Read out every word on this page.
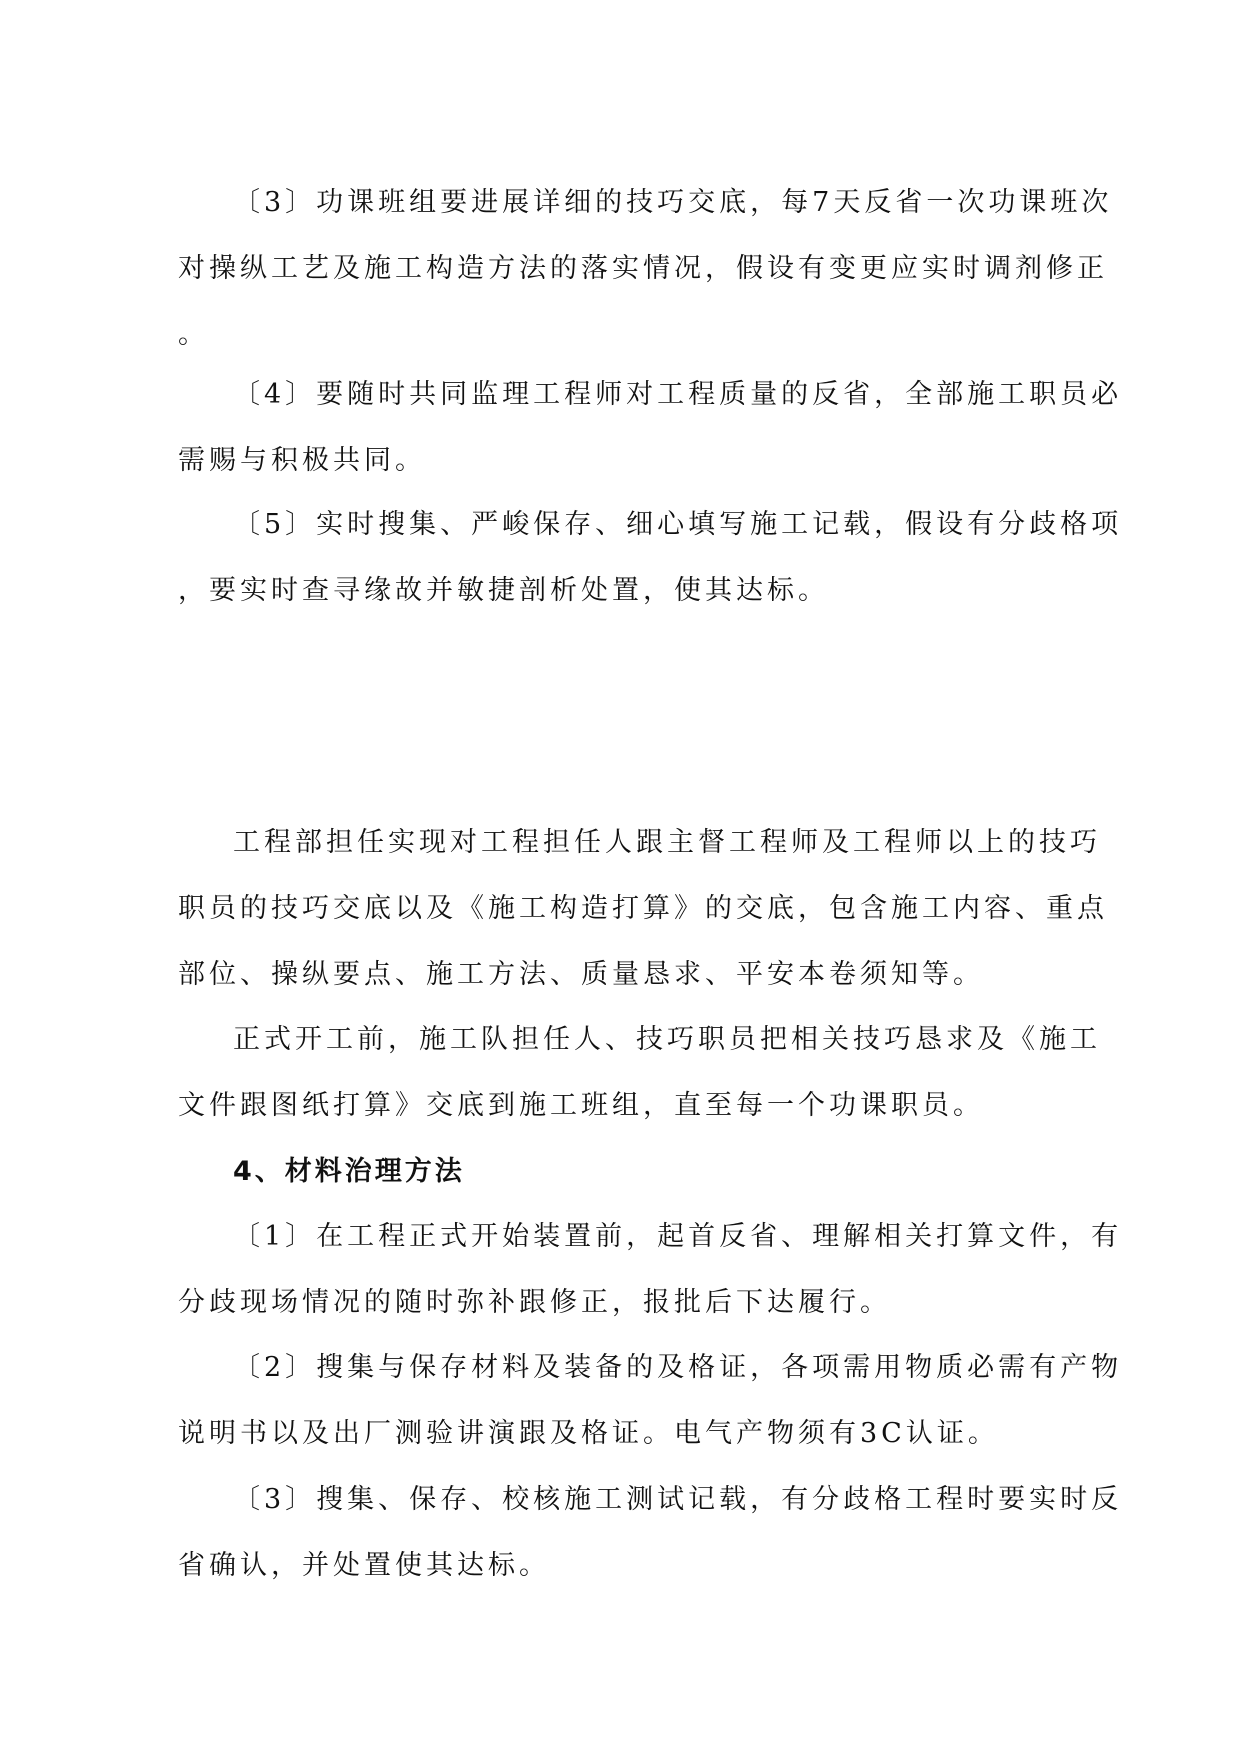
〔3〕功课班组要进展详细的技巧交底，每7天反省一次功课班次
对操纵工艺及施工构造方法的落实情况，假设有变更应实时调剂修正
。
〔4〕要随时共同监理工程师对工程质量的反省，全部施工职员必
需赐与积极共同。
〔5〕实时搜集、严峻保存、细心填写施工记载，假设有分歧格项
，要实时查寻缘故并敏捷剖析处置，使其达标。
工程部担任实现对工程担任人跟主督工程师及工程师以上的技巧
职员的技巧交底以及《施工构造打算》的交底，包含施工内容、重点
部位、操纵要点、施工方法、质量恳求、平安本卷须知等。
正式开工前，施工队担任人、技巧职员把相关技巧恳求及《施工
文件跟图纸打算》交底到施工班组，直至每一个功课职员。
4、材料治理方法
〔1〕在工程正式开始装置前，起首反省、理解相关打算文件，有
分歧现场情况的随时弥补跟修正，报批后下达履行。
〔2〕搜集与保存材料及装备的及格证，各项需用物质必需有产物
说明书以及出厂测验讲演跟及格证。电气产物须有3C认证。
〔3〕搜集、保存、校核施工测试记载，有分歧格工程时要实时反
省确认，并处置使其达标。
